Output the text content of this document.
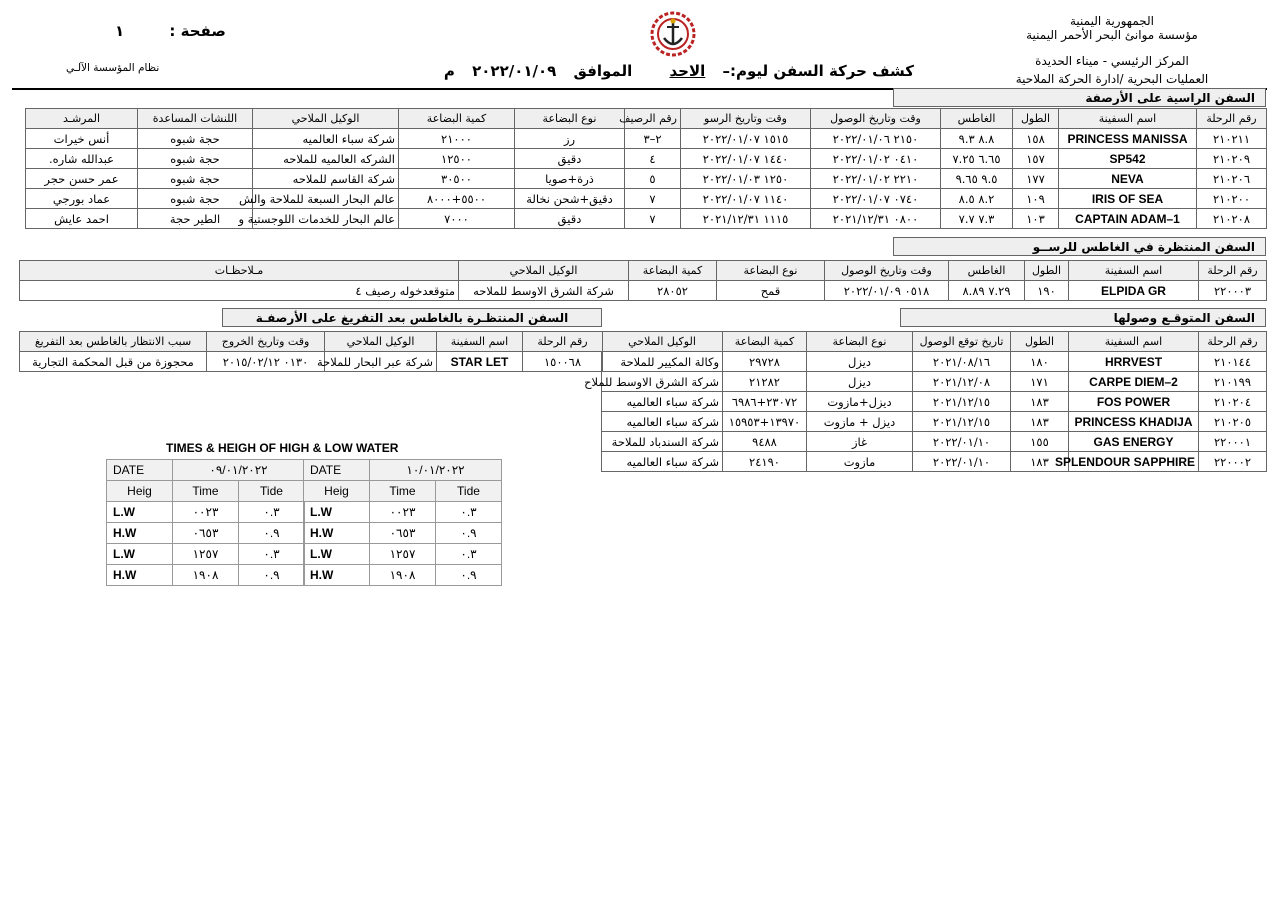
الجمهورية اليمنية
مؤسسة موانئ البحر الأحمر اليمنية
المركز الرئيسي - ميناء الحديدة
العمليات البحرية /ادارة الحركة الملاحية
صفحة : ١
نظام المؤسسة الآلـي	كشف حركة السفن ليوم:– الاحد الموافق ٢٠٢٢/٠١/٠٩ م
السفن الراسية على الأرصفة
رقم الرحلة	اسم السفينة	الطول	الغاطس	وقت وتاريخ الوصول	وقت وتاريخ الرسو	رقم الرصيف	نوع البضاعة	كمية البضاعة	الوكيل الملاحي	اللنشات المساعدة	المرشـد
٢١٠٢١١	PRINCESS MANISSA	١٥٨	٨.٨ ٩.٣	٢١٥٠ ٢٠٢٢/٠١/٠٦	١٥١٥ ٢٠٢٢/٠١/٠٧	٢–٣	رز	٢١٠٠٠	شركة سباء العالميه	حجة شبوه	أنس خيرات
٢١٠٢٠٩	SP542	١٥٧	٦.٦٥ ٧.٢٥	٠٤١٠ ٢٠٢٢/٠١/٠٢	١٤٤٠ ٢٠٢٢/٠١/٠٧	٤	دقيق	١٢٥٠٠	الشركه العالميه للملاحه	حجة شبوه	عبدالله شاره.
٢١٠٢٠٦	NEVA	١٧٧	٩.٥ ٩.٦٥	٢٢١٠ ٢٠٢٢/٠١/٠٢	١٢٥٠ ٢٠٢٢/٠١/٠٣	٥	ذرة+صويا	٣٠٥٠٠	شركة القاسم للملاحه	حجة شبوه	عمر حسن حجر
٢١٠٢٠٠	IRIS OF SEA	١٠٩	٨.٢ ٨.٥	٠٧٤٠ ٢٠٢٢/٠١/٠٧	١١٤٠ ٢٠٢٢/٠١/٠٧	٧	دقيق+شحن نخالة	٥٥٠٠+٨٠٠٠	عالم البحار السبعة للملاحة والش	حجة شبوه	عماد بورجي
٢١٠٢٠٨	CAPTAIN ADAM–1	١٠٣	٧.٣ ٧.٧	٠٨٠٠ ٢٠٢١/١٢/٣١	١١١٥ ٢٠٢١/١٢/٣١	٧	دقيق	٧٠٠٠	عالم البحار للخدمات اللوجستية و	الطير حجة	احمد عايش
السفن المنتظرة في الغاطس للرســو
رقم الرحلة	اسم السفينة	الطول	الغاطس	وقت وتاريخ الوصول	نوع البضاعة	كمية البضاعة	الوكيل الملاحي	مـلاحظـات
٢٢٠٠٠٣	ELPIDA GR	١٩٠	٧.٢٩ ٨.٨٩	٠٥١٨ ٢٠٢٢/٠١/٠٩	قمح	٢٨٠٥٢	شركة الشرق الاوسط للملاحه	متوقعدخوله رصيف ٤
السفن المتوقـع وصولها
رقم الرحلة	اسم السفينة	الطول	تاريخ توقع الوصول	نوع البضاعة	كمية البضاعة	الوكيل الملاحي
٢١٠١٤٤	HRRVEST	١٨٠	٢٠٢١/٠٨/١٦	ديزل	٢٩٧٢٨	وكالة المكيير للملاحة
٢١٠١٩٩	CARPE DIEM–2	١٧١	٢٠٢١/١٢/٠٨	ديزل	٢١٢٨٢	شركة الشرق الاوسط للملاح
٢١٠٢٠٤	FOS POWER	١٨٣	٢٠٢١/١٢/١٥	ديزل+مازوت	٢٣٠٧٢+٦٩٨٦	شركة سباء العالميه
٢١٠٢٠٥	PRINCESS KHADIJA	١٨٣	٢٠٢١/١٢/١٥	ديزل + مازوت	١٣٩٧٠+١٥٩٥٣	شركة سباء العالميه
٢٢٠٠٠١	GAS ENERGY	١٥٥	٢٠٢٢/٠١/١٠	غاز	٩٤٨٨	شركة السندباد للملاحة
٢٢٠٠٠٢	SPLENDOUR SAPPHIRE	١٨٣	٢٠٢٢/٠١/١٠	مازوت	٢٤١٩٠	شركة سباء العالميه
السفن المنتظـرة بالغاطس بعد التفريغ على الأرصفـة
رقم الرحلة	اسم السفينة	الوكيل الملاحي	وقت وتاريخ الخروج	سبب الانتظار بالغاطس بعد التفريغ
١٥٠٠٦٨	STAR LET	شركة عبر البحار للملاحة	٠١٣٠ ٢٠١٥/٠٢/١٢	محجوزة من قبل المحكمة التجارية
TIMES & HEIGH OF HIGH & LOW WATER
DATE	٠٩/٠١/٢٠٢٢	
Heig	Time	Tide
L.W	٠٠٢٣	٠.٣
H.W	٠٦٥٣	٠.٩
L.W	١٢٥٧	٠.٣
H.W	١٩٠٨	٠.٩
DATE	١٠/٠١/٢٠٢٢	
Heig	Time	Tide
L.W	٠٠٢٣	٠.٣
H.W	٠٦٥٣	٠.٩
L.W	١٢٥٧	٠.٣
H.W	١٩٠٨	٠.٩
